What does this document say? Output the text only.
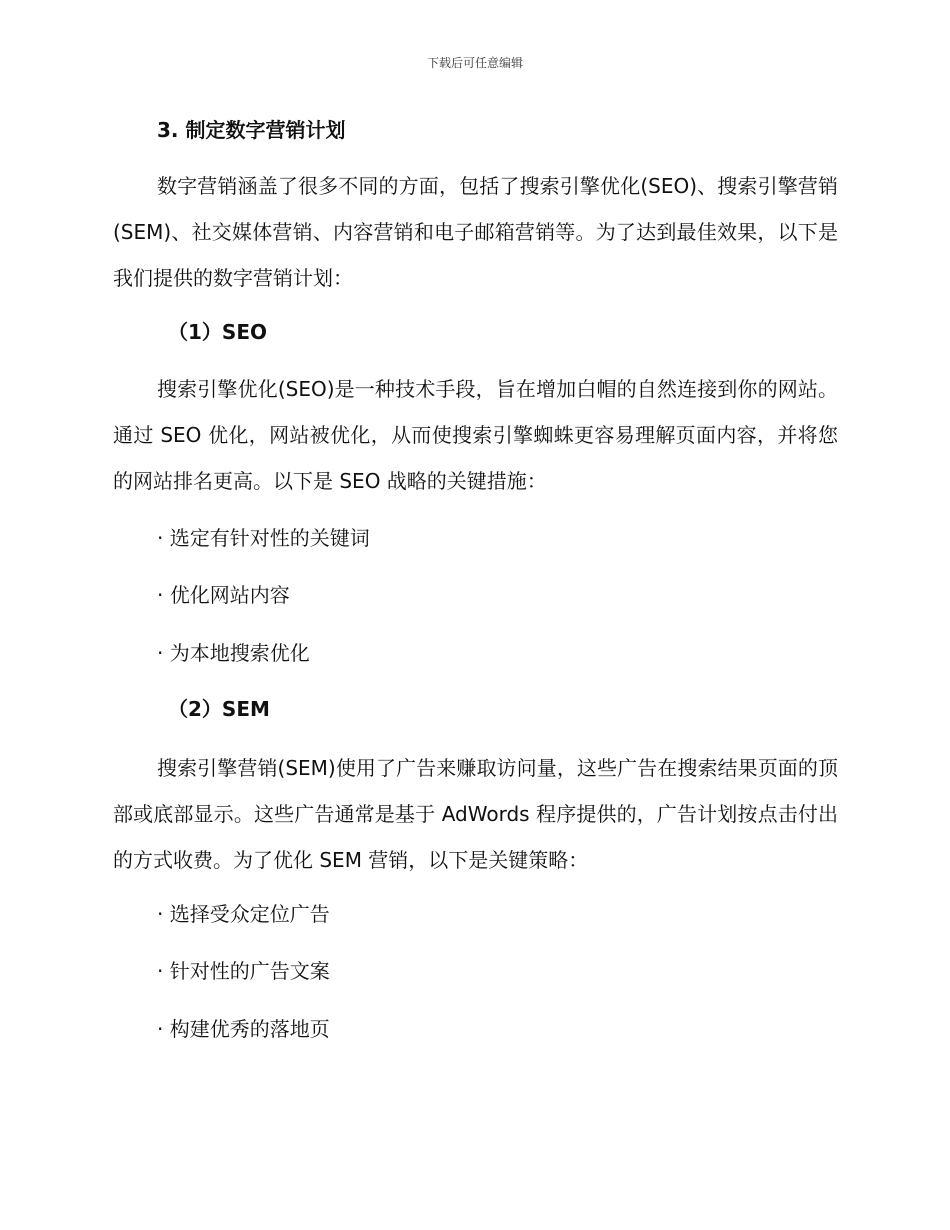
下载后可任意编辑
3. 制定数字营销计划

数字营销涵盖了很多不同的方面，包括了搜索引擎优化(SEO)、搜索引擎营销(SEM)、社交媒体营销、内容营销和电子邮箱营销等。为了达到最佳效果，以下是我们提供的数字营销计划：

（1）SEO

搜索引擎优化(SEO)是一种技术手段，旨在增加白帽的自然连接到你的网站。通过 SEO 优化，网站被优化，从而使搜索引擎蜘蛛更容易理解页面内容，并将您的网站排名更高。以下是 SEO 战略的关键措施：

· 选定有针对性的关键词

· 优化网站内容

· 为本地搜索优化

（2）SEM

搜索引擎营销(SEM)使用了广告来赚取访问量，这些广告在搜索结果页面的顶部或底部显示。这些广告通常是基于 AdWords 程序提供的，广告计划按点击付出的方式收费。为了优化 SEM 营销，以下是关键策略：

· 选择受众定位广告

· 针对性的广告文案

· 构建优秀的落地页
